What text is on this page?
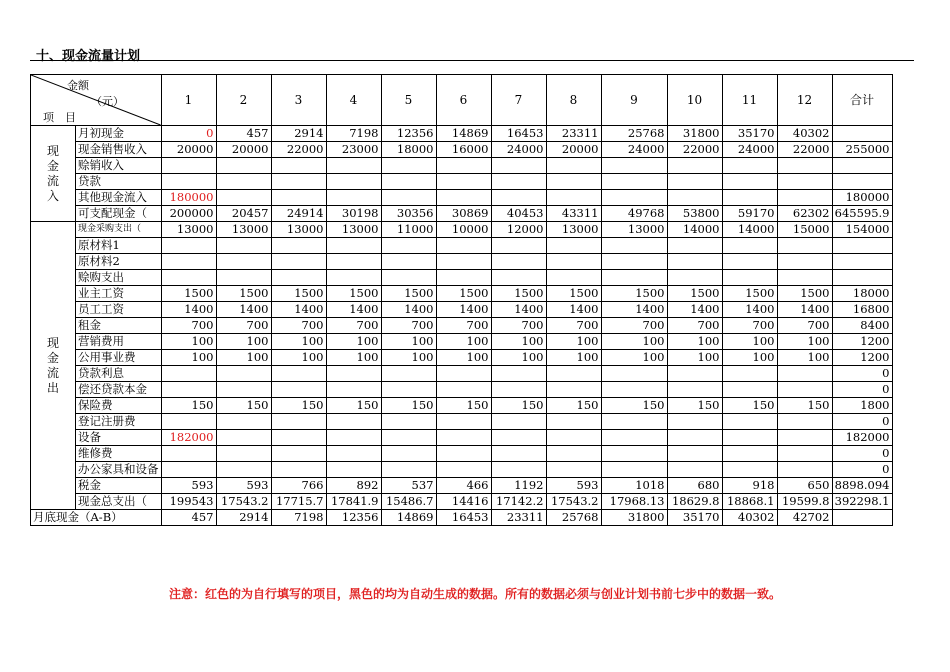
十、现金流量计划
金额
（元）
项　目		1	2	3	4	5	6	7	8	9	10	11	12	合计
现
金
流
入	月初现金	0	457	2914	7198	12356	14869	16453	23311	25768	31800	35170	40302	
	现金销售收入	20000	20000	22000	23000	18000	16000	24000	20000	24000	22000	24000	22000	255000
	赊销收入													
	贷款													
	其他现金流入	180000												180000
	可支配现金（	200000	20457	24914	30198	30356	30869	40453	43311	49768	53800	59170	62302	645595.9
现
金
流
出	现金采购支出（	13000	13000	13000	13000	11000	10000	12000	13000	13000	14000	14000	15000	154000
	原材料1													
	原材料2													
	赊购支出													
	业主工资	1500	1500	1500	1500	1500	1500	1500	1500	1500	1500	1500	1500	18000
	员工工资	1400	1400	1400	1400	1400	1400	1400	1400	1400	1400	1400	1400	16800
	租金	700	700	700	700	700	700	700	700	700	700	700	700	8400
	营销费用	100	100	100	100	100	100	100	100	100	100	100	100	1200
	公用事业费	100	100	100	100	100	100	100	100	100	100	100	100	1200
	贷款利息													0
	偿还贷款本金													0
	保险费	150	150	150	150	150	150	150	150	150	150	150	150	1800
	登记注册费													0
	设备	182000												182000
	维修费													0
	办公家具和设备													0
	税金	593	593	766	892	537	466	1192	593	1018	680	918	650	8898.094
	现金总支出（	199543	17543.2	17715.7	17841.9	15486.7	14416	17142.2	17543.2	17968.13	18629.8	18868.1	19599.8	392298.1
月底现金（A-B）		457	2914	7198	12356	14869	16453	23311	25768	31800	35170	40302	42702	
注意：红色的为自行填写的项目，黑色的均为自动生成的数据。所有的数据必须与创业计划书前七步中的数据一致。
